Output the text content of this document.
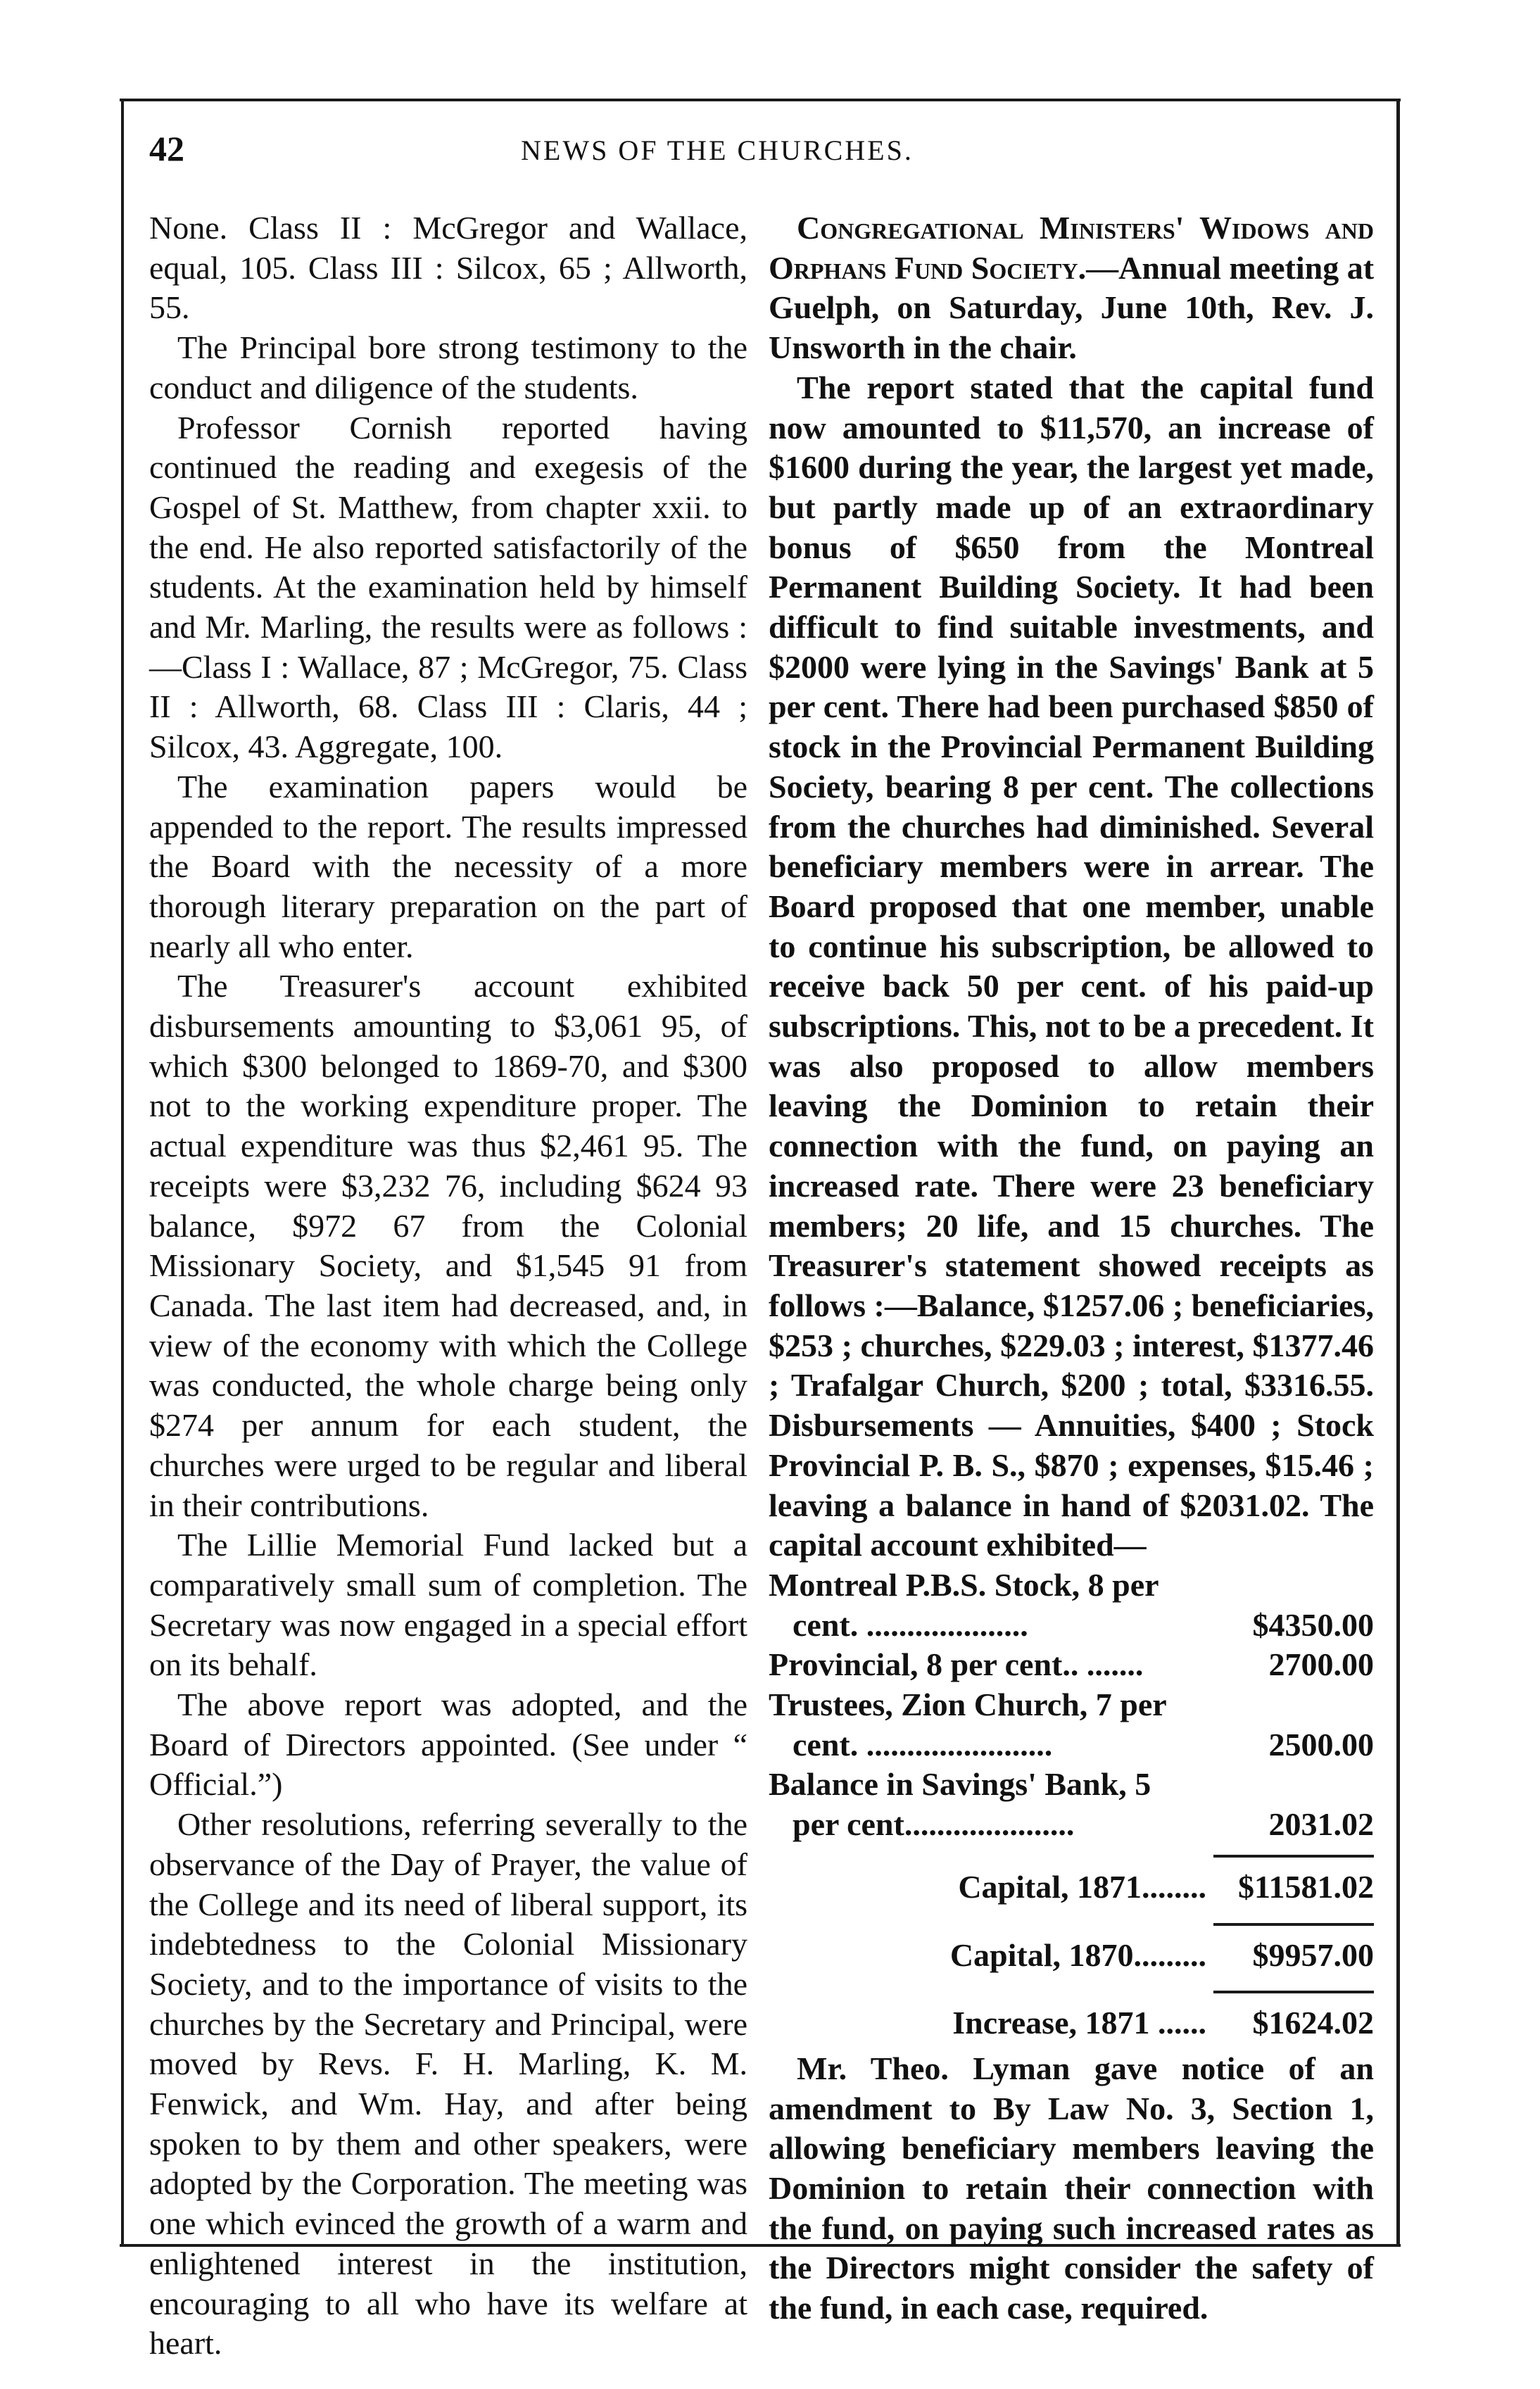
42	NEWS OF THE CHURCHES.

None. Class II : McGregor and Wallace, equal, 105. Class III : Silcox, 65 ; Allworth, 55.

The Principal bore strong testimony to the conduct and diligence of the students.

Professor Cornish reported having continued the reading and exegesis of the Gospel of St. Matthew, from chapter xxii. to the end. He also reported satisfactorily of the students. At the examination held by himself and Mr. Marling, the results were as follows :—Class I : Wallace, 87 ; McGregor, 75. Class II : Allworth, 68. Class III : Claris, 44 ; Silcox, 43. Aggregate, 100.

The examination papers would be appended to the report. The results impressed the Board with the necessity of a more thorough literary preparation on the part of nearly all who enter.

The Treasurer's account exhibited disbursements amounting to $3,061 95, of which $300 belonged to 1869-70, and $300 not to the working expenditure proper. The actual expenditure was thus $2,461 95. The receipts were $3,232 76, including $624 93 balance, $972 67 from the Colonial Missionary Society, and $1,545 91 from Canada. The last item had decreased, and, in view of the economy with which the College was conducted, the whole charge being only $274 per annum for each student, the churches were urged to be regular and liberal in their contributions.

The Lillie Memorial Fund lacked but a comparatively small sum of completion. The Secretary was now engaged in a special effort on its behalf.

The above report was adopted, and the Board of Directors appointed. (See under “ Official.”)

Other resolutions, referring severally to the observance of the Day of Prayer, the value of the College and its need of liberal support, its indebtedness to the Colonial Missionary Society, and to the importance of visits to the churches by the Secretary and Principal, were moved by Revs. F. H. Marling, K. M. Fenwick, and Wm. Hay, and after being spoken to by them and other speakers, were adopted by the Corporation. The meeting was one which evinced the growth of a warm and enlightened interest in the institution, encouraging to all who have its welfare at heart.

Congregational Ministers' Widows and Orphans Fund Society.—Annual meeting at Guelph, on Saturday, June 10th, Rev. J. Unsworth in the chair.

The report stated that the capital fund now amounted to $11,570, an increase of $1600 during the year, the largest yet made, but partly made up of an extraordinary bonus of $650 from the Montreal Permanent Building Society. It had been difficult to find suitable investments, and $2000 were lying in the Savings' Bank at 5 per cent. There had been purchased $850 of stock in the Provincial Permanent Building Society, bearing 8 per cent. The collections from the churches had diminished. Several beneficiary members were in arrear. The Board proposed that one member, unable to continue his subscription, be allowed to receive back 50 per cent. of his paid-up subscriptions. This, not to be a precedent. It was also proposed to allow members leaving the Dominion to retain their connection with the fund, on paying an increased rate. There were 23 beneficiary members; 20 life, and 15 churches. The Treasurer's statement showed receipts as follows :—Balance, $1257.06 ; beneficiaries, $253 ; churches, $229.03 ; interest, $1377.46 ; Trafalgar Church, $200 ; total, $3316.55. Disbursements — Annuities, $400 ; Stock Provincial P. B. S., $870 ; expenses, $15.46 ; leaving a balance in hand of $2031.02. The capital account exhibited—

Montreal P.B.S. Stock, 8 per
cent. ....................	$4350.00
Provincial, 8 per cent.. .......	2700.00
Trustees, Zion Church, 7 per
cent. .......................	2500.00
Balance in Savings' Bank, 5
per cent.....................	2031.02
Capital, 1871........ $11581.02
Capital, 1870.........	$9957.00
Increase, 1871 ......	$1624.02

Mr. Theo. Lyman gave notice of an amendment to By Law No. 3, Section 1, allowing beneficiary members leaving the Dominion to retain their connection with the fund, on paying such increased rates as the Directors might consider the safety of the fund, in each case, required.
